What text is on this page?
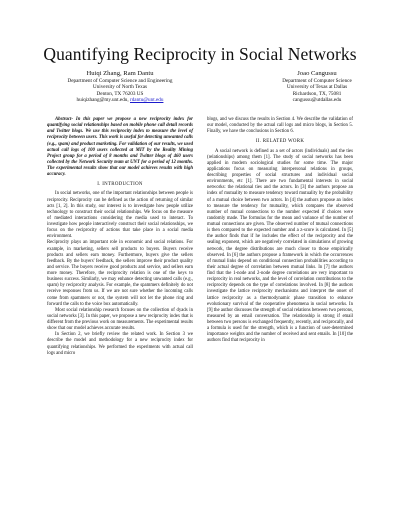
Quantifying Reciprocity in Social Networks
Huiqi Zhang, Ram Dantu
Department of Computer Science and Engineering
University of North Texas
Denton, TX 76203 US
huiqizhang@my.unt.edu, rdantu@unt.edu
Joao Cangussu
Department of Computer Science
University of Texas at Dallas
Richardson, TX, 75081
cangussu@utdallas.edu

Abstract- In this paper we propose a new reciprocity index for quantifying social relationships based on mobile phone call detail records and Twitter blogs. We use this reciprocity index to measure the level of reciprocity between users. This work is useful for detecting unwanted calls (e.g., spam) and product marketing. For validation of our results, we used actual call logs of 100 users collected at MIT by the Reality Mining Project group for a period of 8 months and Twitter blogs of 460 users collected by the Network Security team at UNT for a period of 12 months. The experimental results show that our model achieves results with high accuracy.

I. INTRODUCTION

In social networks, one of the important relationships between people is reciprocity. Reciprocity can be defined as the action of returning of similar acts [1, 2]. In this study, our interest is to investigate how people utilize technology to construct their social relationships. We focus on the measure of mediated interactions considering the media used to interact. To investigate how people interactively construct their social relationships, we focus on the reciprocity of actions that take place in a social media environment.

Reciprocity plays an important role in economic and social relations. For example, in marketing, sellers sell products to buyers. Buyers receive products and sellers earn money. Furthermore, buyers give the sellers feedback. By the buyers' feedback, the sellers improve their product quality and service. The buyers receive good products and service, and sellers earn more money. Therefore, the reciprocity relation is one of the keys to business success. Similarly, we may enhance detecting unwanted calls (e.g., spam) by reciprocity analysis. For example, the spammers definitely do not receive responses from us. If we are not sure whether the incoming calls come from spammers or not, the system will not let the phone ring and forward the calls to the voice box automatically.

Most social relationship research focuses on the collection of dyads in social networks [3]. In this paper, we propose a new reciprocity index that is different from the previous work on measurements. The experimental results show that our model achieves accurate results.

In Section 2, we briefly review the related work. In Section 3 we describe the model and methodology for a new reciprocity index for quantifying relationships. We performed the experiments with actual call logs and micro

blogs, and we discuss the results in Section 4. We describe the validation of our model, conducted by the actual call logs and micro blogs, in Section 5. Finally, we have the conclusions in Section 6.

II. RELATED WORK

A social network is defined as a set of actors (individuals) and the ties (relationships) among them [1]. The study of social networks has been applied in modern sociological studies for some time. The major applications focus on measuring interpersonal relations in groups, describing properties of social structures and individual social environments, etc [1]. There are two fundamental interests in social networks: the relational ties and the actors. In [3] the authors propose an index of mutuality to measure tendency toward mutuality by the probability of a mutual choice between two actors. In [4] the authors propose an index to measure the tendency for mutuality, which compares the observed number of mutual connections to the number expected if choices were randomly made. The formulas for the mean and variance of the number of mutual connections are given. The observed number of mutual connections is then compared to the expected number and a z-score is calculated. In [5] the author finds that if he includes the effect of the reciprocity and the sealing exponent, which are negatively correlated in simulations of growing network, the degree distributions are much closer to those empirically observed. In [6] the authors propose a framework in which the occurrences of mutual links depend on conditional connection probabilities according to their actual degree of correlation between mutual links. In [7] the authors find that the 1-node and 2-node degree correlations are very important to reciprocity in real networks, and the level of correlation contributions to the reciprocity depends on the type of correlations involved. In [8] the authors investigate the lattice reciprocity mechanisms and interpret the onset of lattice reciprocity as a thermodynamic phase transition to enhance evolutionary survival of the cooperative phenomena in social networks. In [9] the author discusses the strength of social relations between two persons, measured by an email conversation. The relationship is strong if email between two persons is exchanged frequently, recently, and reciprocally, and a formula is used for the strength, which is a function of user-determined importance weights and the number of received and sent emails. In [10] the authors find that reciprocity in
